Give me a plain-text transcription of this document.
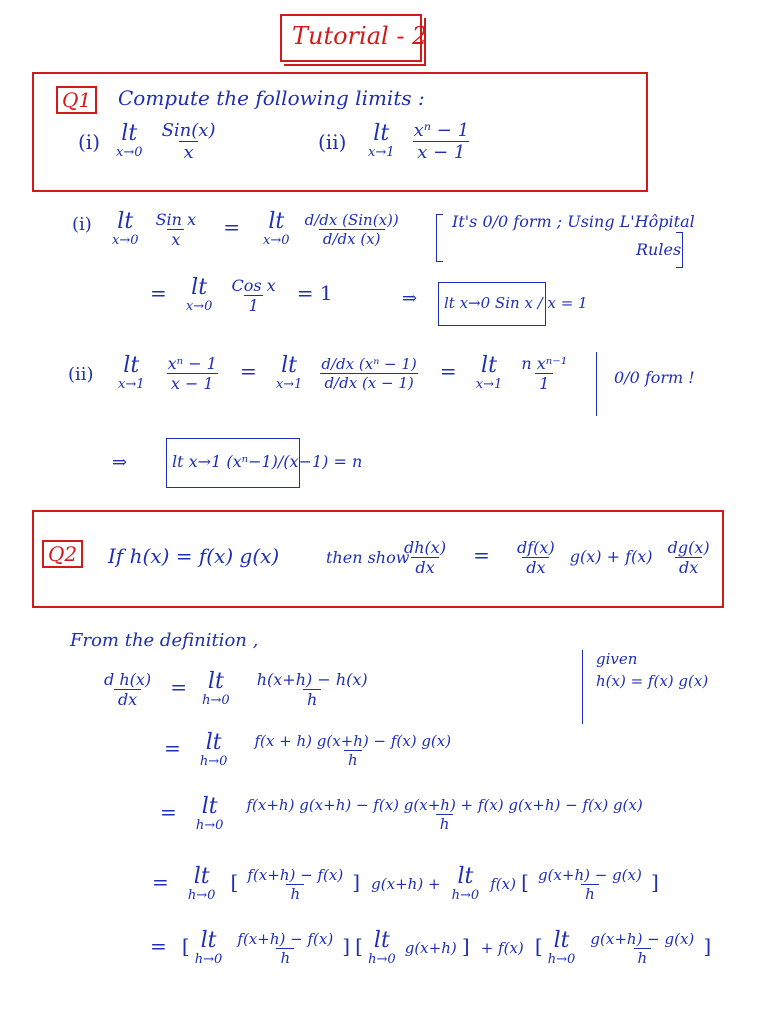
Tutorial - 2
Q1	Compute the following limits :
(i) lt
x→0
$\frac{\text{Sin(x)}}{x}$	(ii) lt
x→1
$\frac{\text{xⁿ − 1}}{x - 1}$
(i) lt
x→0
$\frac{\text{Sin x}}{x}$ = lt
x→0
$\frac{\text{d/dx (Sin(x))}}{d/dx (x)}$	It's 0/0 form ; Using L'Hôpital
Rules
= lt
x→0
$\frac{\text{Cos x}}{1} = 1$	⇒ lt x→0 Sin x / x = 1
(ii) lt
x→1
$\frac{\text{xⁿ − 1}}{x - 1}$ = lt
x→1
$\frac{\text{d/dx (xⁿ − 1)}}{d/dx (x - 1)}$ = lt
x→1
$\frac{\text{n xⁿ⁻¹}}{1}$	0/0 form !
⇒	lt x→1 (xⁿ−1)/(x−1) = n
Q2	If h(x) = f(x) g(x)	then show
$\frac{dh(x)}{dx} = \frac{df(x)}{dx} g(x) + f(x) \frac{dg(x)}{dx}$
From the definition ,
given
h(x) = f(x) g(x)
$\frac{\text{d h(x)}}{dx}$ = lt
h→0
$\frac{h(x+h) - h(x)}{h}$
= lt
h→0
$\frac{f(x + h) g(x+h) - f(x) g(x)}{h}$
= lt
h→0
$\frac{f(x+h) g(x+h) - f(x) g(x+h) + f(x) g(x+h) - f(x) g(x)}{h}$
= lt
h→0
[ $\frac{f(x+h) - f(x)}{h}$ ] g(x+h) + lt
h→0
f(x) [ $\frac{g(x+h) - g(x)}{h}$ ]
= [ lt
h→0
$\frac{f(x+h) - f(x)}{h}$ ] [ lt
h→0
g(x+h) ] + f(x) [ lt
h→0
$\frac{g(x+h) - g(x)}{h}$ ]
